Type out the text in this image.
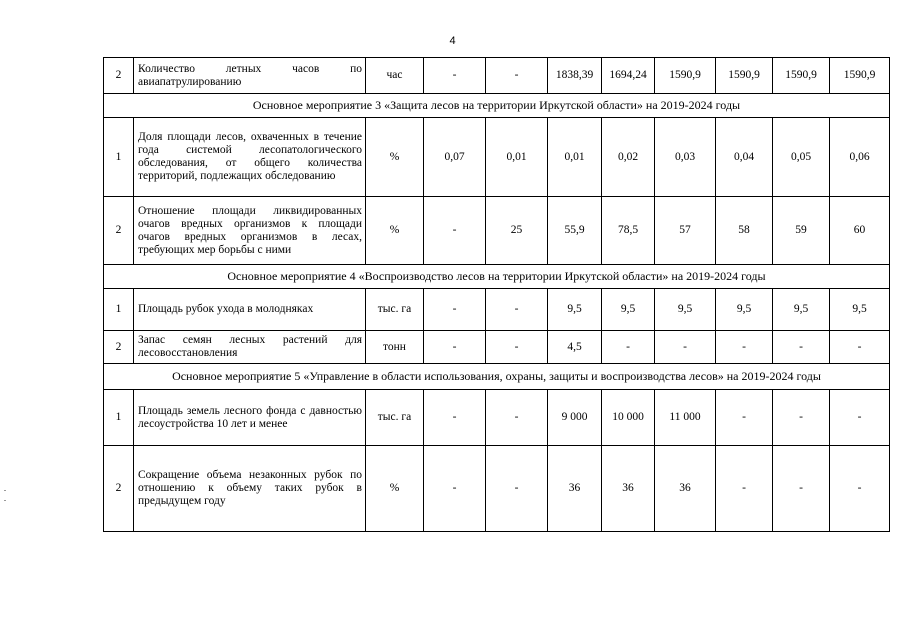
4
2	Количество летных часов по авиапатрулированию	час	-	-	1838,39	1694,24	1590,9	1590,9	1590,9	1590,9
Основное мероприятие 3 «Защита лесов на территории Иркутской области» на 2019-2024 годы										
1	Доля площади лесов, охваченных в течение года системой лесопатологического обследования, от общего количества территорий, подлежащих обследованию	%	0,07	0,01	0,01	0,02	0,03	0,04	0,05	0,06
2	Отношение площади ликвидированных очагов вредных организмов к площади очагов вредных организмов в лесах, требующих мер борьбы с ними	%	-	25	55,9	78,5	57	58	59	60
Основное мероприятие 4 «Воспроизводство лесов на территории Иркутской области» на 2019-2024 годы										
1	Площадь рубок ухода в молодняках	тыс. га	-	-	9,5	9,5	9,5	9,5	9,5	9,5
2	Запас семян лесных растений для лесовосстановления	тонн	-	-	4,5	-	-	-	-	-
Основное мероприятие 5 «Управление в области использования, охраны, защиты и воспроизводства лесов» на 2019-2024 годы										
1	Площадь земель лесного фонда с давностью лесоустройства 10 лет и менее	тыс. га	-	-	9 000	10 000	11 000	-	-	-
2	Сокращение объема незаконных рубок по отношению к объему таких рубок в предыдущем году	%	-	-	36	36	36	-	-	-
